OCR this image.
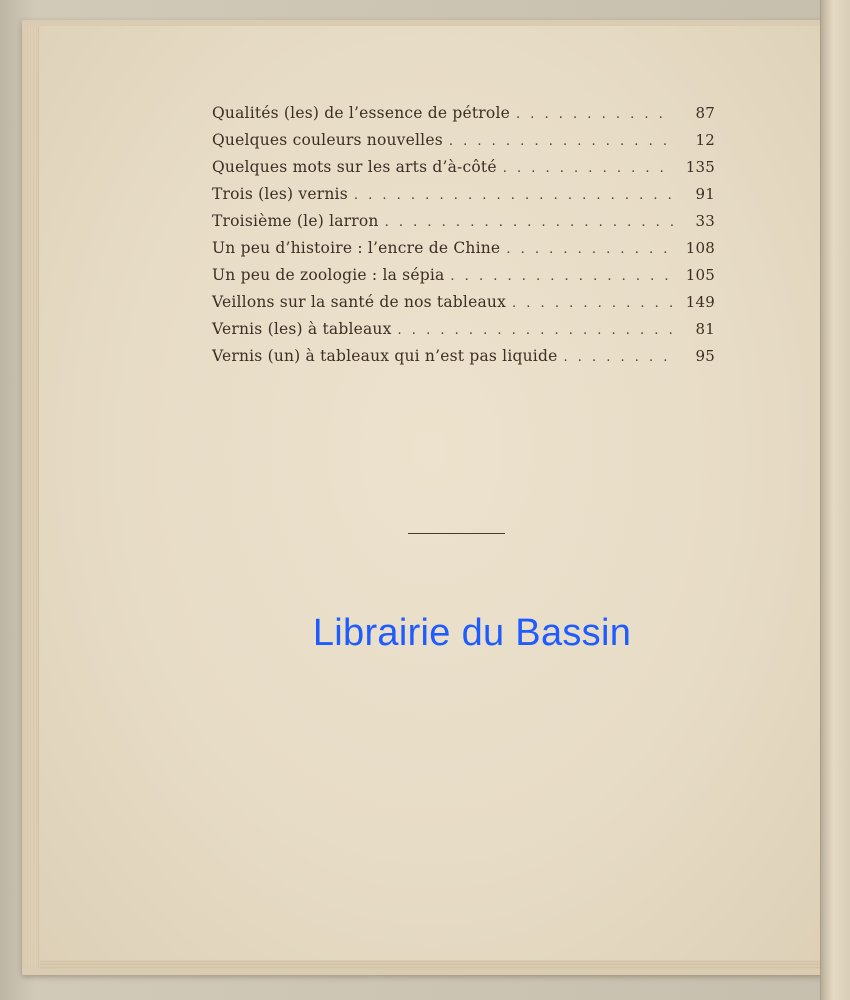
Qualités (les) de l’essence de pétrole . . .	87
Quelques couleurs nouvelles . . .	12
Quelques mots sur les arts d’à-côté . . .	135
Trois (les) vernis . . .	91
Troisième (le) larron . . .	33
Un peu d’histoire : l’encre de Chine . . .	108
Un peu de zoologie : la sépia . . .	105
Veillons sur la santé de nos tableaux . . .	149
Vernis (les) à tableaux . . .	81
Vernis (un) à tableaux qui n’est pas liquide . . .	95
Librairie du Bassin
